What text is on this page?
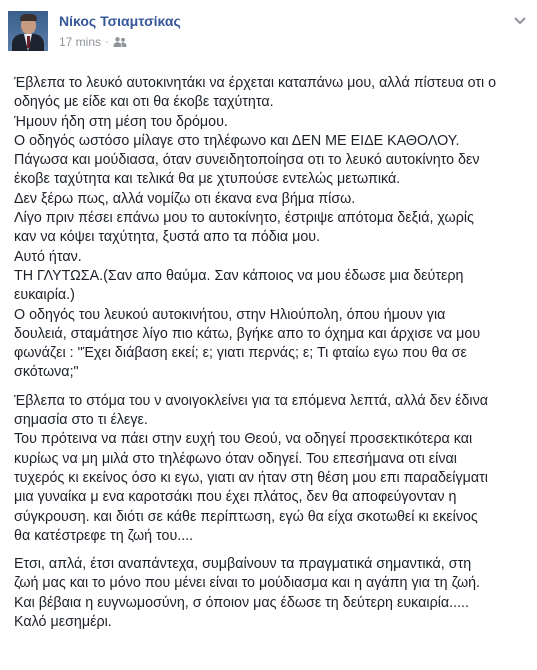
Νίκος Τσιαμτσίκας
17 mins ·
Έβλεπα το λευκό αυτοκινητάκι να έρχεται καταπάνω μου, αλλά πίστευα οτι ο
οδηγός με είδε και οτι θα έκοβε ταχύτητα.
Ήμουν ήδη στη μέση του δρόμου.
Ο οδηγός ωστόσο μίλαγε στο τηλέφωνο και ΔΕΝ ΜΕ ΕΙΔΕ ΚΑΘΟΛΟΥ.
Πάγωσα και μούδιασα, όταν συνειδητοποίησα οτι το λευκό αυτοκίνητο δεν
έκοβε ταχύτητα και τελικά θα με χτυπούσε εντελώς μετωπικά.
Δεν ξέρω πως, αλλά νομίζω οτι έκανα ενα βήμα πίσω.
Λίγο πριν πέσει επάνω μου το αυτοκίνητο, έστριψε απότομα δεξιά, χωρίς
καν να κόψει ταχύτητα, ξυστά απο τα πόδια μου.
Αυτό ήταν.
ΤΗ ΓΛΥΤΩΣΑ.(Σαν απο θαύμα. Σαν κάποιος να μου έδωσε μια δεύτερη
ευκαιρία.)
Ο οδηγός του λευκού αυτοκινήτου, στην Ηλιούπολη, όπου ήμουν για
δουλειά, σταμάτησε λίγο πιο κάτω, βγήκε απο το όχημα και άρχισε να μου
φωνάζει : "Έχει διάβαση εκεί; ε; γιατι περνάς; ε; Τι φταίω εγω που θα σε
σκότωνα;"
Έβλεπα το στόμα του ν ανοιγοκλείνει για τα επόμενα λεπτά, αλλά δεν έδινα
σημασία στο τι έλεγε.
Του πρότεινα να πάει στην ευχή του Θεού, να οδηγεί προσεκτικότερα και
κυρίως να μη μιλά στο τηλέφωνο όταν οδηγεί. Του επεσήμανα οτι είναι
τυχερός κι εκείνος όσο κι εγω, γιατι αν ήταν στη θέση μου επι παραδείγματι
μια γυναίκα μ ενα καροτσάκι που έχει πλάτος, δεν θα αποφεύγονταν η
σύγκρουση. και διότι σε κάθε περίπτωση, εγώ θα είχα σκοτωθεί κι εκείνος
θα κατέστρεφε τη ζωή του....
Ετσι, απλά, έτσι αναπάντεχα, συμβαίνουν τα πραγματικά σημαντικά, στη
ζωή μας και το μόνο που μένει είναι το μούδιασμα και η αγάπη για τη ζωή.
Και βέβαια η ευγνωμοσύνη, σ όποιον μας έδωσε τη δεύτερη ευκαιρία.....
Καλό μεσημέρι.
